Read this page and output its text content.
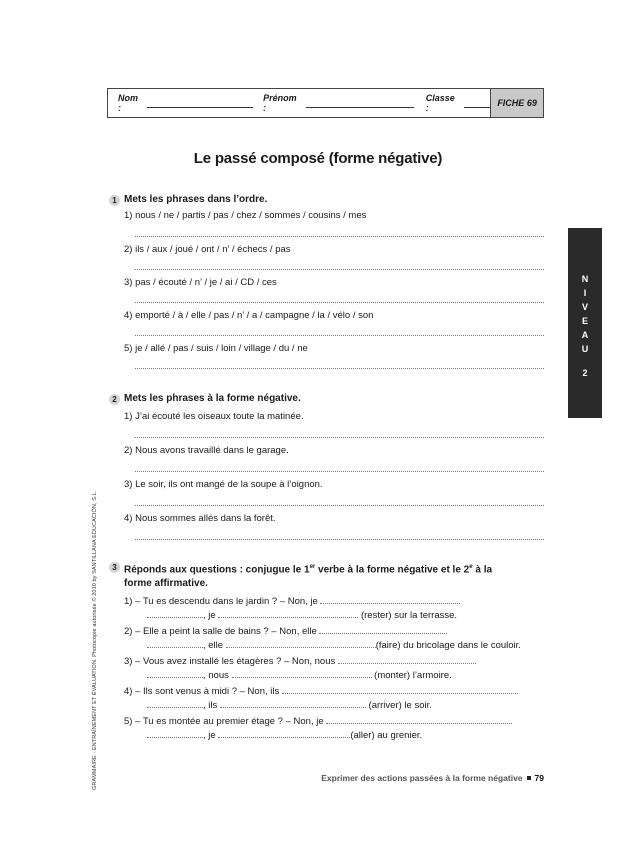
Nom :
Prénom :
Classe :	FICHE 69
Le passé composé (forme négative)
N
I
V
E
A
U
2
1 Mets les phrases dans l’ordre.
1) nous / ne / partis / pas / chez / sommes / cousins / mes
2) ils / aux / joué / ont / n’ / échecs / pas
3) pas / écouté / n’ / je / ai / CD / ces
4) emporté / à / elle / pas / n’ / a / campagne / la / vélo / son
5) je / allé / pas / suis / loin / village / du / ne
2 Mets les phrases à la forme négative.
1) J’ai écouté les oiseaux toute la matinée.
2) Nous avons travaillé dans le garage.
3) Le soir, ils ont mangé de la soupe à l’oignon.
4) Nous sommes allés dans la forêt.
3 Réponds aux questions : conjugue le 1er verbe à la forme négative et le 2e à la
forme affirmative.
1) – Tu es descendu dans le jardin ? – Non, je
, je	(rester) sur la terrasse.
2) – Elle a peint la salle de bains ? – Non, elle
, elle	(faire) du bricolage dans le couloir.
3) – Vous avez installé les étagères ? – Non, nous
, nous	(monter) l’armoire.
4) – Ils sont venus à midi ? – Non, ils
, ils	(arriver) le soir.
5) – Tu es montée au premier étage ? – Non, je
, je	(aller) au grenier.
Exprimer des actions passées à la forme négative 79
GRAMMAIRE · ENTRAÎNEMENT ET ÉVALUATION. Photocopie autorisée © 2010 by SANTILLANA EDUCACIÓN, S.L.
